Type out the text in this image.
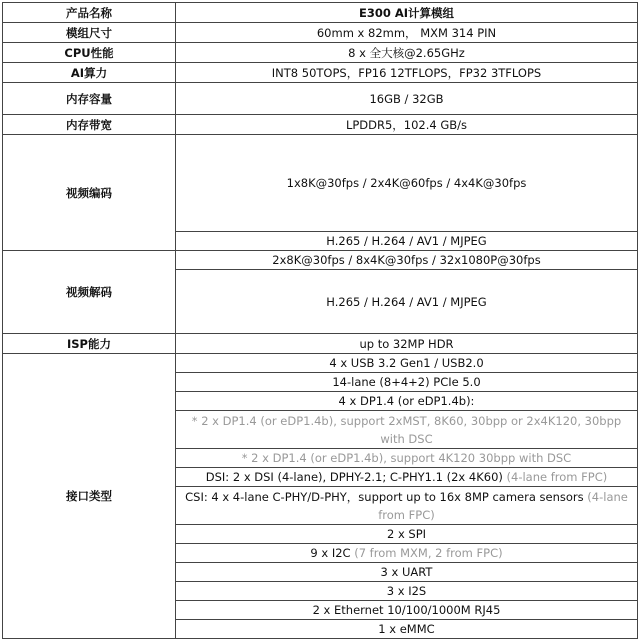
产品名称	E300 AI计算模组
模组尺寸	60mm x 82mm， MXM 314 PIN
CPU性能	8 x 全大核@2.65GHz
AI算力	INT8 50TOPS，FP16 12TFLOPS，FP32 3TFLOPS
内存容量	16GB / 32GB
内存带宽	LPDDR5，102.4 GB/s
视频编码	1x8K@30fps / 2x4K@60fps / 4x4K@30fps
	H.265 / H.264 / AV1 / MJPEG
视频解码	2x8K@30fps / 8x4K@30fps / 32x1080P@30fps
	H.265 / H.264 / AV1 / MJPEG
ISP能力	up to 32MP HDR
接口类型	4 x USB 3.2 Gen1 / USB2.0
	14-lane (8+4+2) PCIe 5.0
	4 x DP1.4 (or eDP1.4b):
	* 2 x DP1.4 (or eDP1.4b), support 2xMST, 8K60, 30bpp or 2x4K120, 30bpp with DSC
	* 2 x DP1.4 (or eDP1.4b), support 4K120 30bpp with DSC
	DSI: 2 x DSI (4-lane), DPHY-2.1; C-PHY1.1 (2x 4K60) (4-lane from FPC)
	CSI: 4 x 4-lane C-PHY/D-PHY，support up to 16x 8MP camera sensors (4-lane from FPC)
	2 x SPI
	9 x I2C (7 from MXM, 2 from FPC)
	3 x UART
	3 x I2S
	2 x Ethernet 10/100/1000M RJ45
	1 x eMMC
